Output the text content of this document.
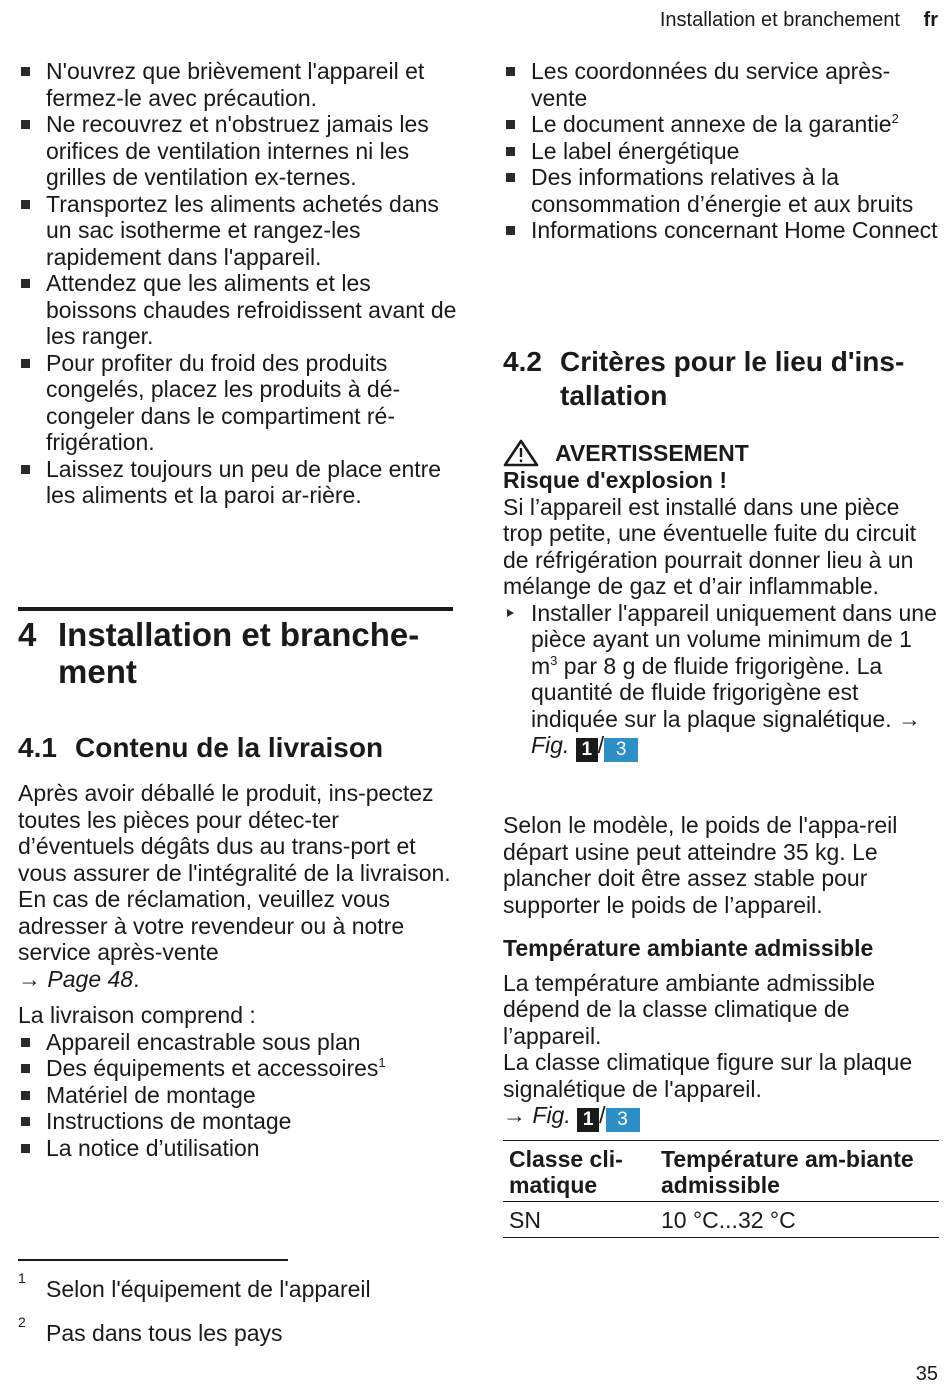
Installation et branchement fr
N'ouvrez que brièvement l'appareil et fermez-le avec précaution.
Ne recouvrez et n'obstruez jamais les orifices de ventilation internes ni les grilles de ventilation ex-ternes.
Transportez les aliments achetés dans un sac isotherme et rangez-les rapidement dans l'appareil.
Attendez que les aliments et les boissons chaudes refroidissent avant de les ranger.
Pour profiter du froid des produits congelés, placez les produits à dé-congeler dans le compartiment ré-frigération.
Laissez toujours un peu de place entre les aliments et la paroi ar-rière.
4 Installation et branche-ment
4.1 Contenu de la livraison

Après avoir déballé le produit, ins-pectez toutes les pièces pour détec-ter d’éventuels dégâts dus au trans-port et vous assurer de l'intégralité de la livraison.

En cas de réclamation, veuillez vous adresser à votre revendeur ou à notre service après-vente
→ Page 48.

La livraison comprend :

Appareil encastrable sous plan
Des équipements et accessoires$^1$
Matériel de montage
Instructions de montage
La notice d’utilisation
1 Selon l'équipement de l'appareil
2 Pas dans tous les pays
Les coordonnées du service après-vente
Le document annexe de la garantie$^2$
Le label énergétique
Des informations relatives à la consommation d’énergie et aux bruits
Informations concernant Home Connect
4.2 Critères pour le lieu d'ins-tallation
AVERTISSEMENT

Risque d'explosion !

Si l’appareil est installé dans une pièce trop petite, une éventuelle fuite du circuit de réfrigération pourrait donner lieu à un mélange de gaz et d’air inflammable.

Installer l'appareil uniquement dans une pièce ayant un volume minimum de 1 $m^3$ par 8 g de fluide frigorigène. La quantité de fluide frigorigène est indiquée sur la plaque signalétique. → Fig. 1 / 3

Selon le modèle, le poids de l'appa-reil départ usine peut atteindre 35 kg. Le plancher doit être assez stable pour supporter le poids de l’appareil.

Température ambiante admissible

La température ambiante admissible dépend de la classe climatique de l’appareil.

La classe climatique figure sur la plaque signalétique de l'appareil.

→ Fig. 1 / 3

Classe cli-matique	Température am-biante admissible
SN	10 °C...32 °C
35
